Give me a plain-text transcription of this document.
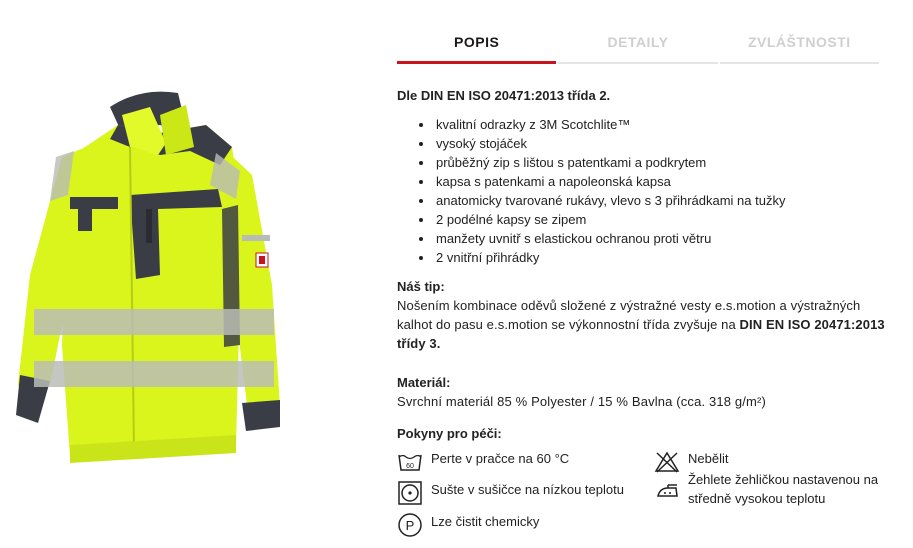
POPIS	DETAILY	ZVLÁŠTNOSTI
Dle DIN EN ISO 20471:2013 třída 2.
kvalitní odrazky z 3M Scotchlite™
vysoký stojáček
průběžný zip s lištou s patentkami a podkrytem
kapsa s patenkami a napoleonská kapsa
anatomicky tvarované rukávy, vlevo s 3 přihrádkami na tužky
2 podélné kapsy se zipem
manžety uvnitř s elastickou ochranou proti větru
2 vnitřní přihrádky
Náš tip:
Nošením kombinace oděvů složené z výstražné vesty e.s.motion a výstražných kalhot do pasu e.s.motion se výkonnostní třída zvyšuje na DIN EN ISO 20471:2013 třídy 3.
Materiál:
Svrchní materiál 85 % Polyester / 15 % Bavlna (cca. 318 g/m²)
Pokyny pro péči:
60
Perte v pračce na 60 °C	Nebělit
Sušte v sušičce na nízkou teplotu
Žehlete žehličkou nastavenou na středně vysokou teplotu
P Lze čistit chemicky
